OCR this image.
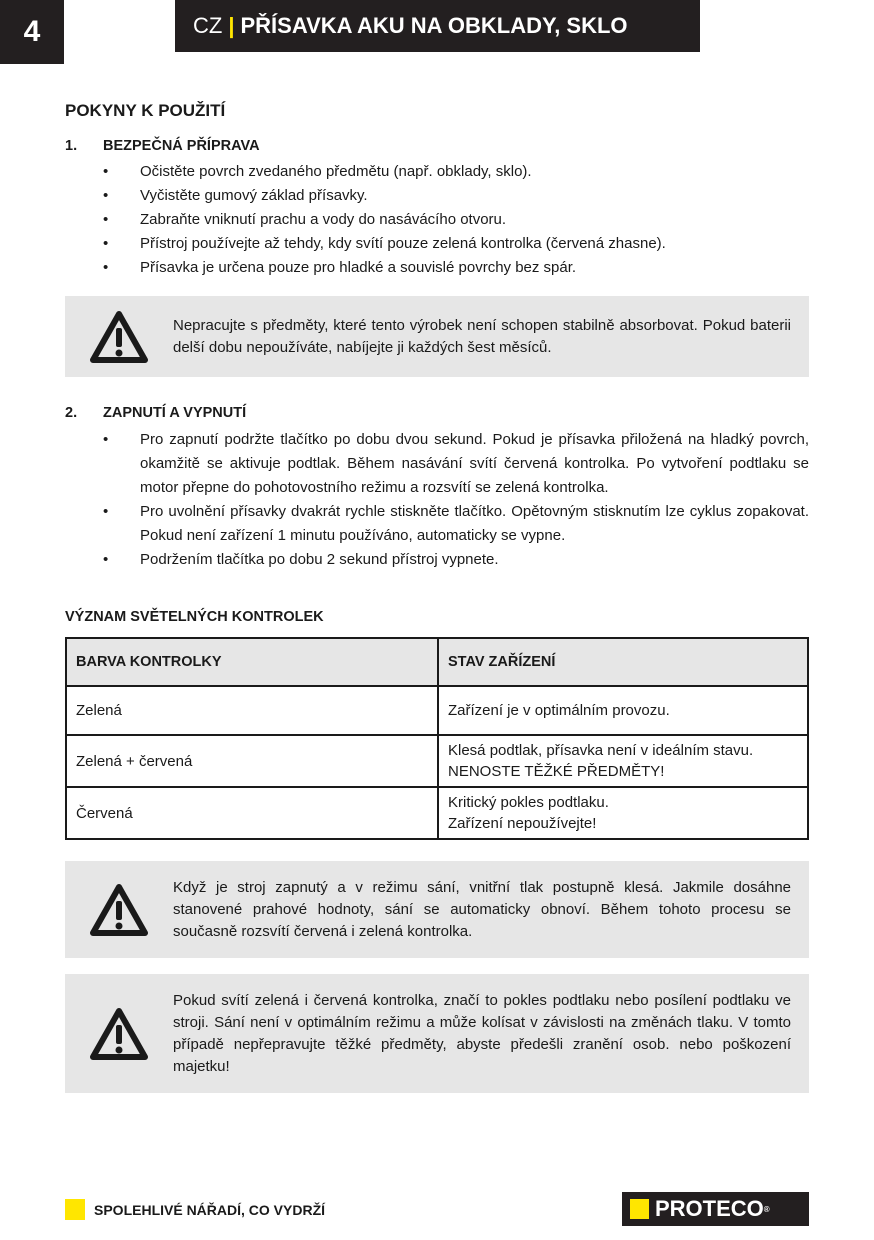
4	CZ | PŘÍSAVKA AKU NA OBKLADY, SKLO
POKYNY K POUŽITÍ
1. BEZPEČNÁ PŘÍPRAVA
• Očistěte povrch zvedaného předmětu (např. obklady, sklo).
• Vyčistěte gumový základ přísavky.
• Zabraňte vniknutí prachu a vody do nasávácího otvoru.
• Přístroj používejte až tehdy, kdy svítí pouze zelená kontrolka (červená zhasne).
• Přísavka je určena pouze pro hladké a souvislé povrchy bez spár.
Nepracujte s předměty, které tento výrobek není schopen stabilně absorbovat. Pokud baterii delší dobu nepoužíváte, nabíjejte ji každých šest měsíců.
2. ZAPNUTÍ A VYPNUTÍ
• Pro zapnutí podržte tlačítko po dobu dvou sekund. Pokud je přísavka přiložená na hladký povrch, okamžitě se aktivuje podtlak. Během nasávání svítí červená kontrolka. Po vytvoření podtlaku se motor přepne do pohotovostního režimu a rozsvítí se zelená kontrolka.
• Pro uvolnění přísavky dvakrát rychle stiskněte tlačítko. Opětovným stisknutím lze cyklus zopakovat. Pokud není zařízení 1 minutu používáno, automaticky se vypne.
• Podržením tlačítka po dobu 2 sekund přístroj vypnete.
VÝZNAM SVĚTELNÝCH KONTROLEK
BARVA KONTROLKY	STAV ZAŘÍZENÍ
Zelená	Zařízení je v optimálním provozu.
Zelená + červená	Klesá podtlak, přísavka není v ideálním stavu.
NENOSTE TĚŽKÉ PŘEDMĚTY!
Červená	Kritický pokles podtlaku.
Zařízení nepoužívejte!
Když je stroj zapnutý a v režimu sání, vnitřní tlak postupně klesá. Jakmile dosáhne stanovené prahové hodnoty, sání se automaticky obnoví. Během tohoto procesu se současně rozsvítí červená i zelená kontrolka.
Pokud svítí zelená i červená kontrolka, značí to pokles podtlaku nebo posílení podtlaku ve stroji. Sání není v optimálním režimu a může kolísat v závislosti na změnách tlaku. V tomto případě nepřepravujte těžké předměty, abyste předešli zranění osob. nebo poškození majetku!
SPOLEHLIVÉ NÁŘADÍ, CO VYDRŽÍ	PROTECO ®
